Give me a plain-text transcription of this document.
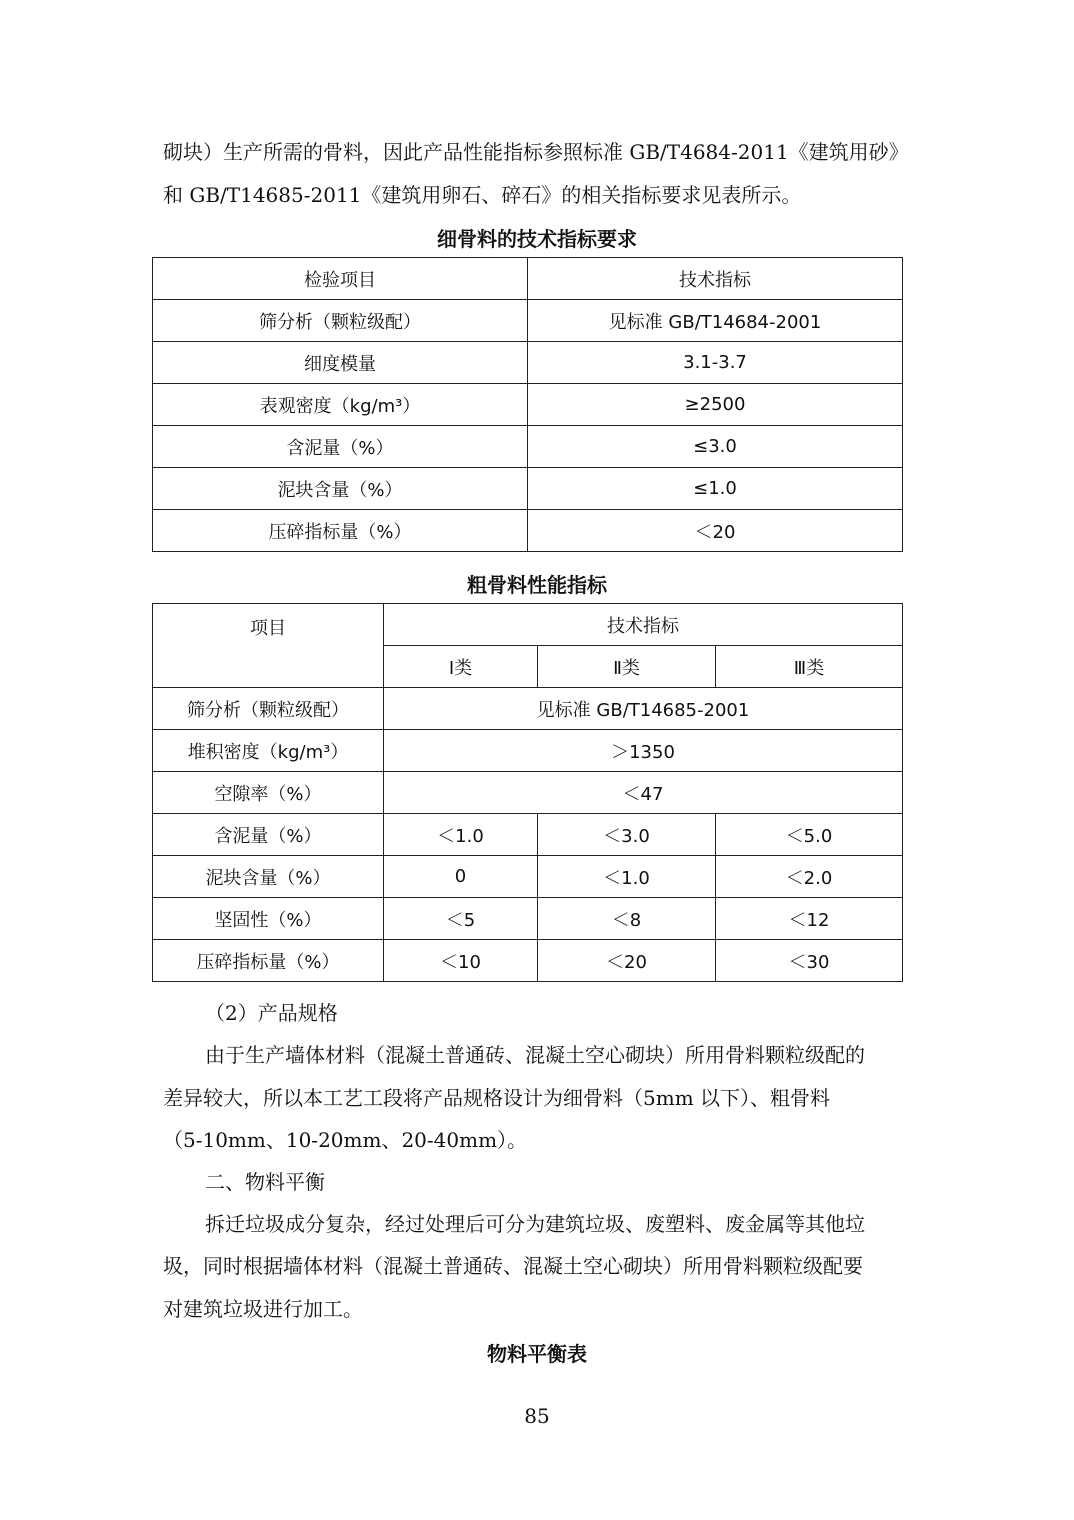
砌块）生产所需的骨料，因此产品性能指标参照标准 GB/T4684-2011《建筑用砂》

和 GB/T14685-2011《建筑用卵石、碎石》的相关指标要求见表所示。

细骨料的技术指标要求

检验项目	技术指标
筛分析（颗粒级配）	见标准 GB/T14684-2001
细度模量	3.1-3.7
表观密度（kg/m³）	≥2500
含泥量（%）	≤3.0
泥块含量（%）	≤1.0
压碎指标量（%）	＜20

粗骨料性能指标

项目	技术指标		
	Ⅰ类	Ⅱ类	Ⅲ类
筛分析（颗粒级配）	见标准 GB/T14685-2001		
堆积密度（kg/m³）	＞1350		
空隙率（%）	＜47		
含泥量（%）	＜1.0	＜3.0	＜5.0
泥块含量（%）	0	＜1.0	＜2.0
坚固性（%）	＜5	＜8	＜12
压碎指标量（%）	＜10	＜20	＜30

（2）产品规格

由于生产墙体材料（混凝土普通砖、混凝土空心砌块）所用骨料颗粒级配的

差异较大，所以本工艺工段将产品规格设计为细骨料（5mm 以下）、粗骨料

（5-10mm、10-20mm、20-40mm）。

二、物料平衡

拆迁垃圾成分复杂，经过处理后可分为建筑垃圾、废塑料、废金属等其他垃

圾，同时根据墙体材料（混凝土普通砖、混凝土空心砌块）所用骨料颗粒级配要

对建筑垃圾进行加工。

物料平衡表

85
